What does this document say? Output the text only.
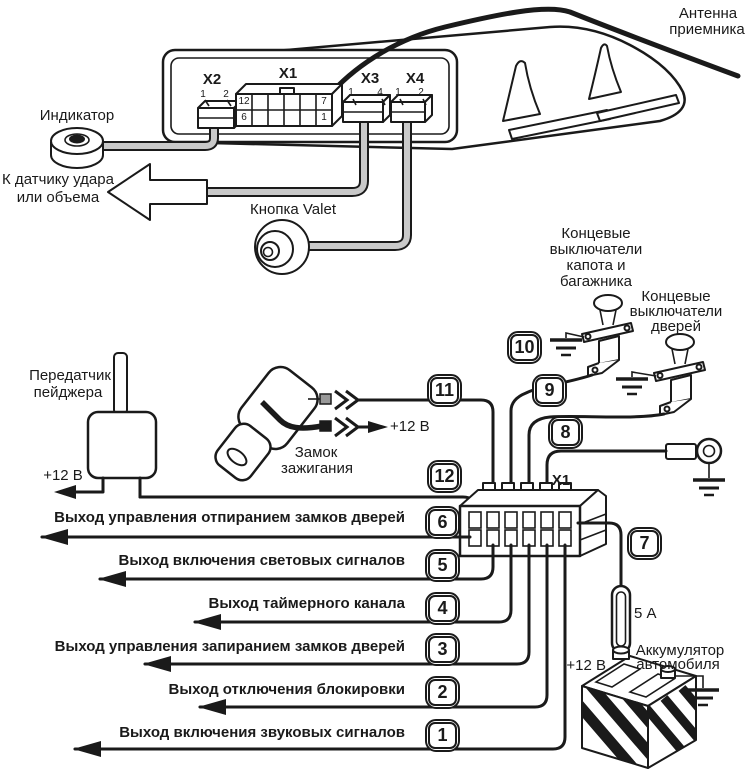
Антенна
приемника
Индикатор
К датчику удара
или объема
Кнопка Valet
Передатчик
пейджера
+12 В
Замок
зажигания
+12 В
Концевые
выключатели
капота и
багажника
Концевые
выключатели
дверей
Аккумулятор
автомобиля
+12 В
5 А
X1
X2	X1	X3	X4
1	2
12
6
7
1
1	4	1	2
Выход управления отпиранием замков дверей
Выход включения световых сигналов
Выход таймерного канала
Выход управления запиранием замков дверей
Выход отключения блокировки
Выход включения звуковых сигналов
6
5
4
3
2
1
7
8
9
10
11
12
